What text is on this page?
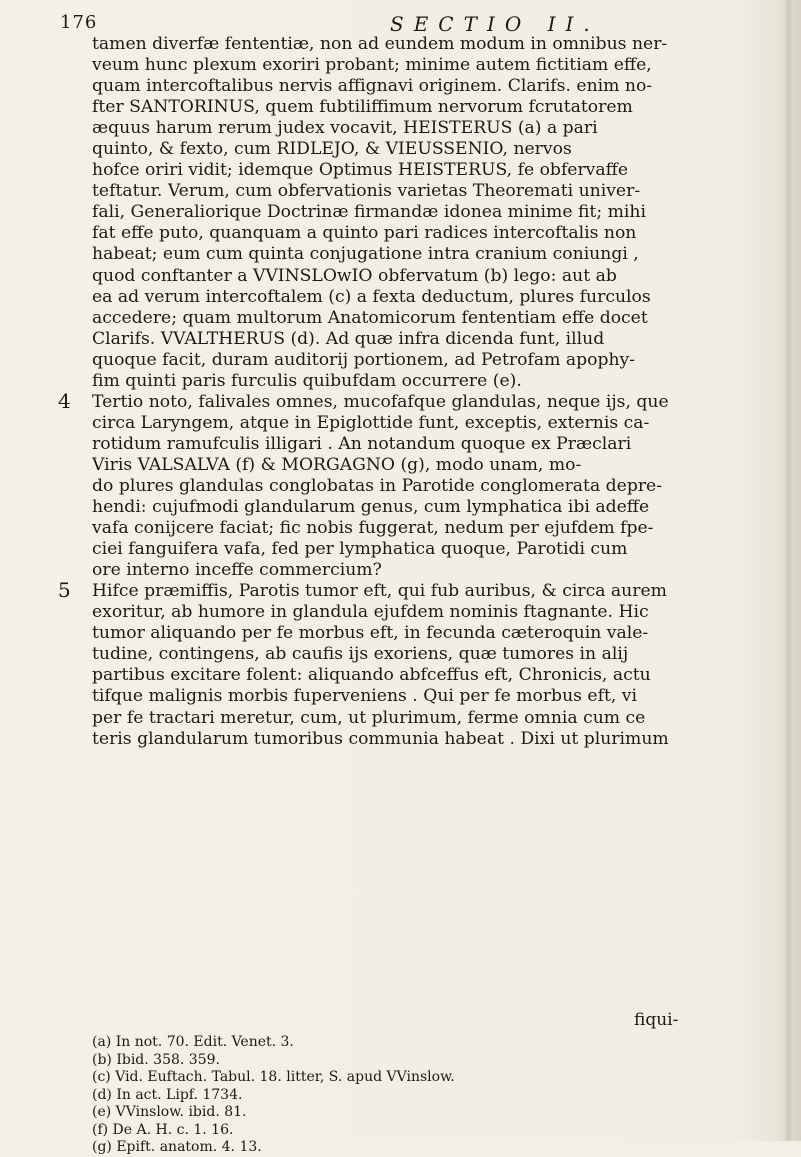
176	SECTIO II.
4
5
tamen diverfæ fententiæ, non ad eundem modum in omnibus ner-
veum hunc plexum exoriri probant; minime autem fictitiam effe,
quam intercoftalibus nervis affignavi originem. Clarifs. enim no-
fter SANTORINUS, quem fubtiliffimum nervorum fcrutatorem
æquus harum rerum judex vocavit, HEISTERUS (a) a pari
quinto, & fexto, cum RIDLEJO, & VIEUSSENIO, nervos
hofce oriri vidit; idemque Optimus HEISTERUS, fe obfervaffe
teftatur. Verum, cum obfervationis varietas Theoremati univer-
fali, Generaliorique Doctrinæ firmandæ idonea minime fit; mihi
fat effe puto, quanquam a quinto pari radices intercoftalis non
habeat; eum cum quinta conjugatione intra cranium coniungi ,
quod conftanter a VVINSLOwIO obfervatum (b) lego: aut ab
ea ad verum intercoftalem (c) a fexta deductum, plures furculos
accedere; quam multorum Anatomicorum fententiam effe docet
Clarifs. VVALTHERUS (d). Ad quæ infra dicenda funt, illud
quoque facit, duram auditorij portionem, ad Petrofam apophy-
fim quinti paris furculis quibufdam occurrere (e).
Tertio noto, falivales omnes, mucofafque glandulas, neque ijs, que
circa Laryngem, atque in Epiglottide funt, exceptis, externis ca-
rotidum ramufculis illigari . An notandum quoque ex Præclari
Viris VALSALVA (f) & MORGAGNO (g), modo unam, mo-
do plures glandulas conglobatas in Parotide conglomerata depre-
hendi: cujufmodi glandularum genus, cum lymphatica ibi adeffe
vafa conijcere faciat; fic nobis fuggerat, nedum per ejufdem fpe-
ciei fanguifera vafa, fed per lymphatica quoque, Parotidi cum
ore interno inceffe commercium?
Hifce præmiffis, Parotis tumor eft, qui fub auribus, & circa aurem
exoritur, ab humore in glandula ejufdem nominis ftagnante. Hic
tumor aliquando per fe morbus eft, in fecunda cæteroquin vale-
tudine, contingens, ab caufis ijs exoriens, quæ tumores in alij
partibus excitare folent: aliquando abfceffus eft, Chronicis, actu
tifque malignis morbis fuperveniens . Qui per fe morbus eft, vi
per fe tractari meretur, cum, ut plurimum, ferme omnia cum ce
teris glandularum tumoribus communia habeat . Dixi ut plurimum
fiqui-
(a) In not. 70. Edit. Venet. 3.
(b) Ibid. 358. 359.
(c) Vid. Euftach. Tabul. 18. litter, S. apud VVinslow.
(d) In act. Lipf. 1734.
(e) VVinslow. ibid. 81.
(f) De A. H. c. 1. 16.
(g) Epift. anatom. 4. 13.
